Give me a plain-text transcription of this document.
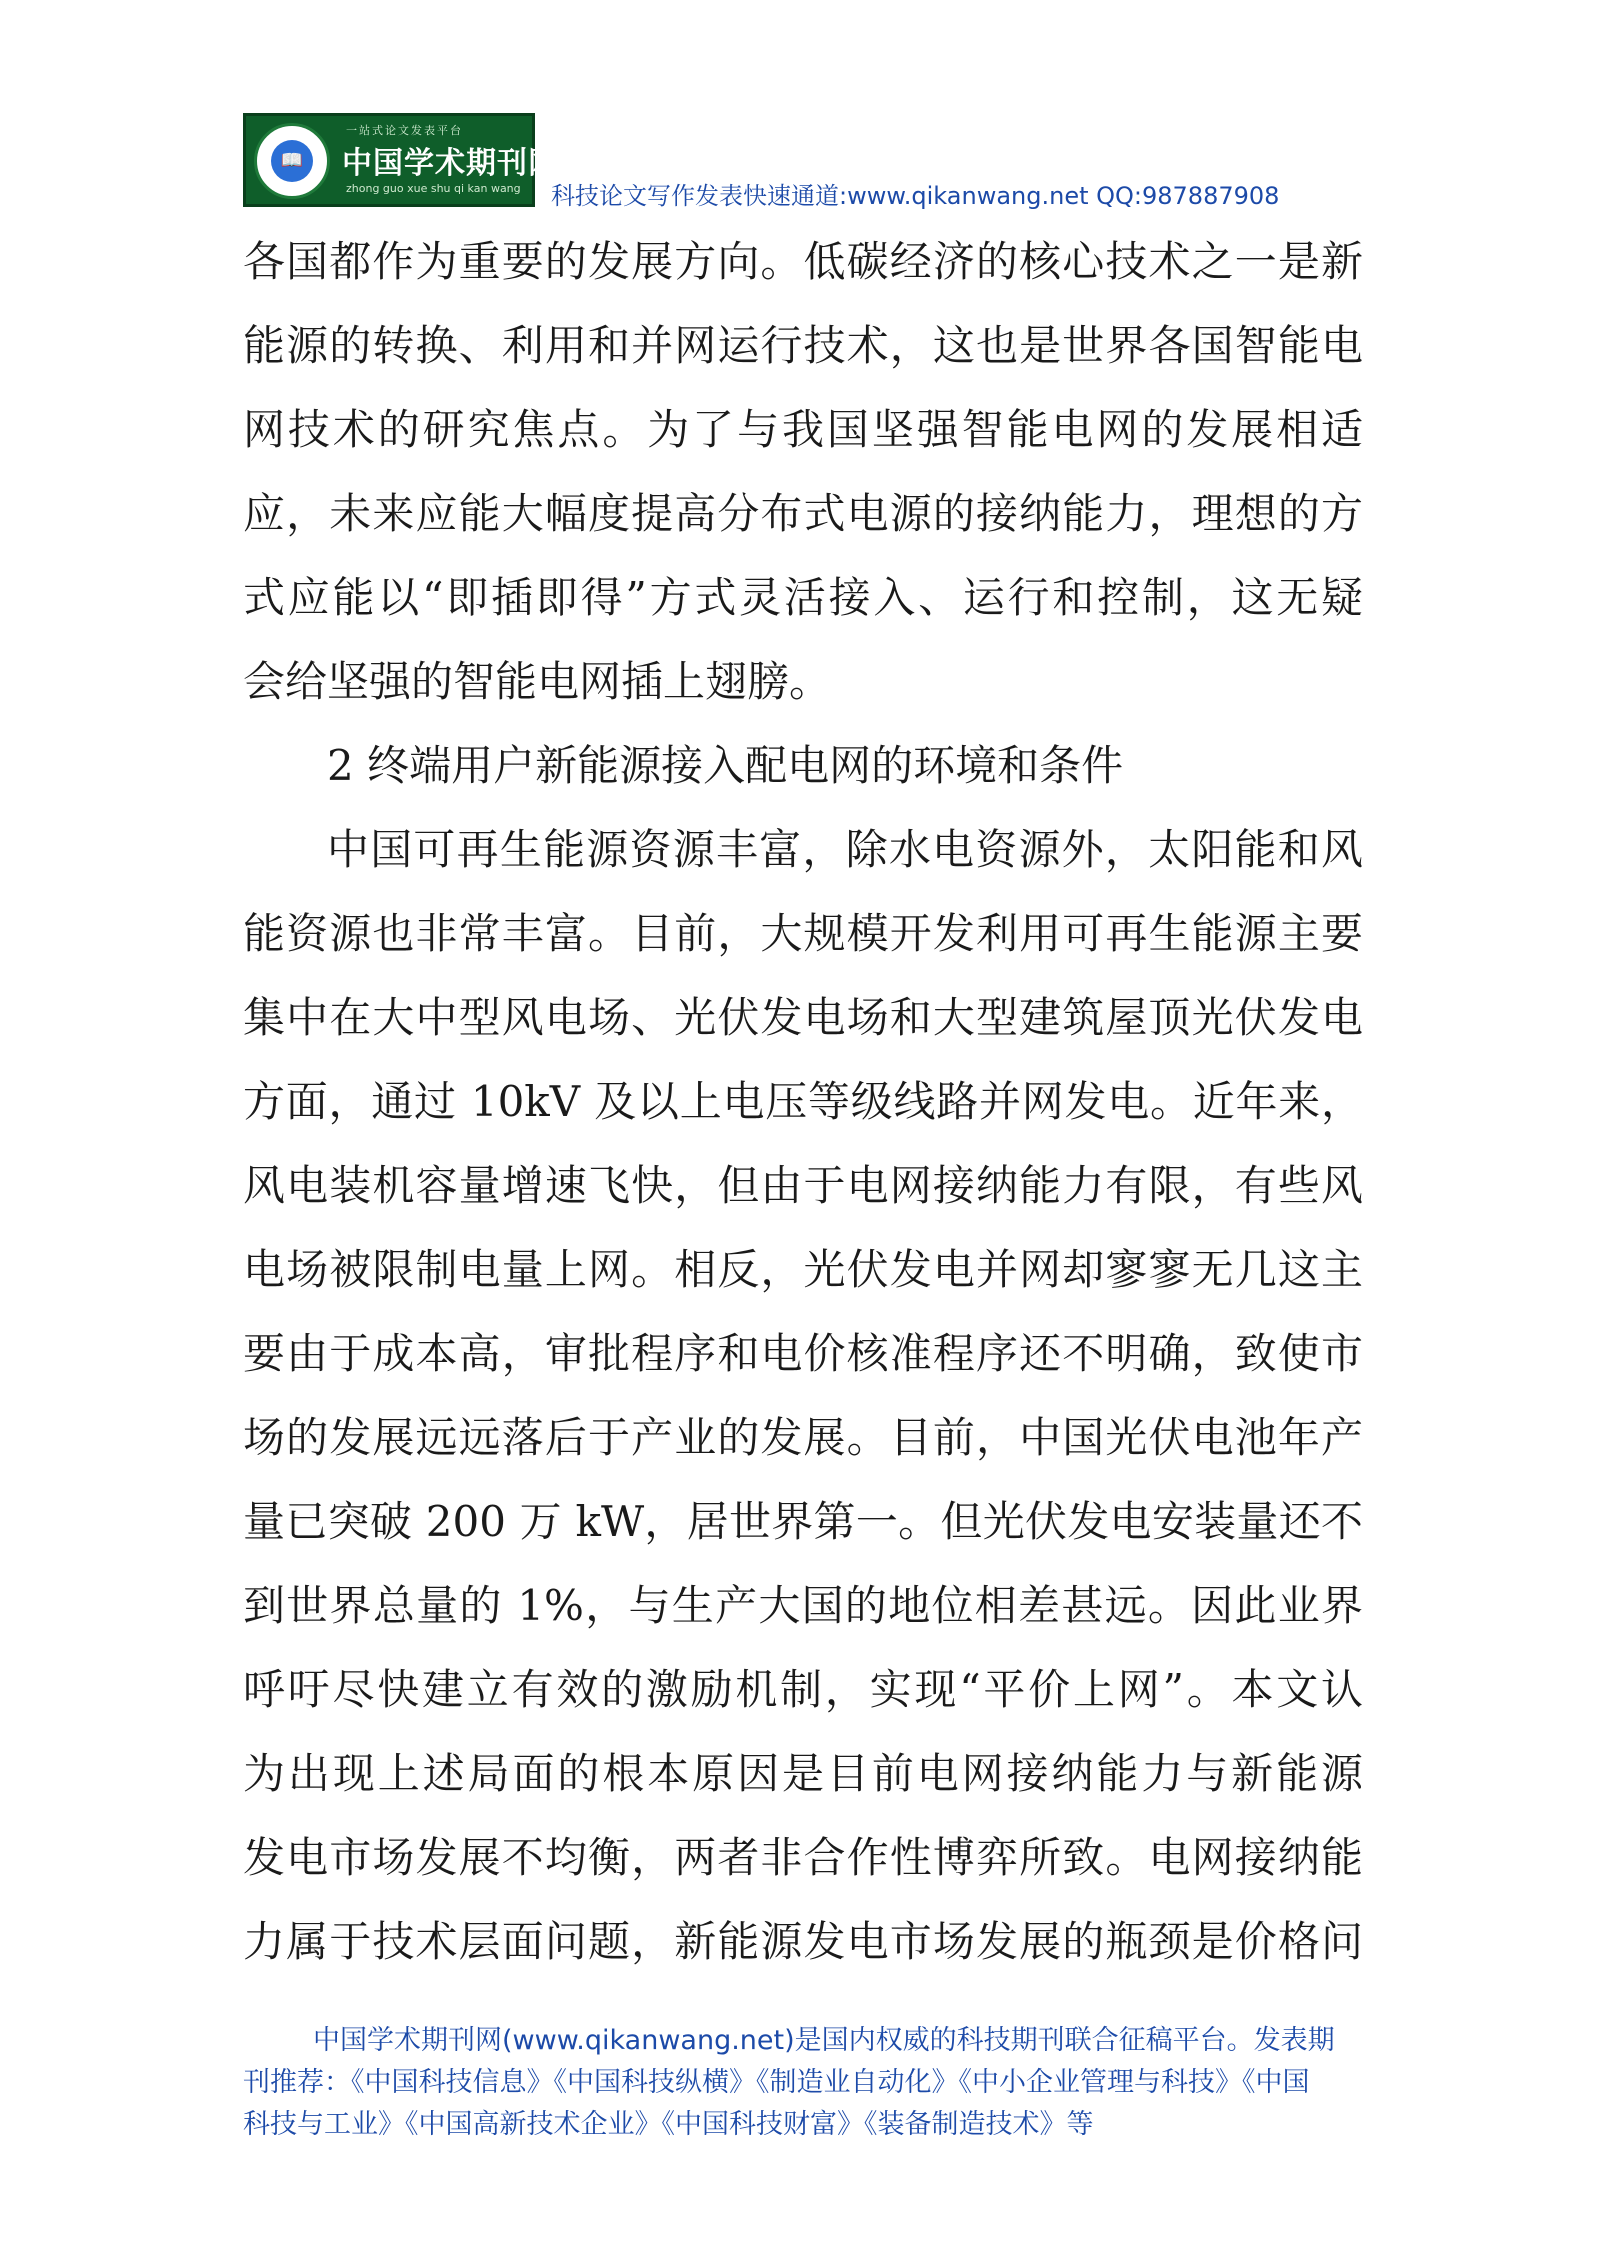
📖
一站式论文发表平台
中国学术期刊网
zhong guo xue shu qi kan wang	科技论文写作发表快速通道:www.qikanwang.net QQ:987887908
各国都作为重要的发展方向。低碳经济的核心技术之一是新
能源的转换、利用和并网运行技术，这也是世界各国智能电
网技术的研究焦点。为了与我国坚强智能电网的发展相适
应，未来应能大幅度提高分布式电源的接纳能力，理想的方
式应能以“即插即得”方式灵活接入、运行和控制，这无疑
会给坚强的智能电网插上翅膀。
2 终端用户新能源接入配电网的环境和条件
中国可再生能源资源丰富，除水电资源外，太阳能和风
能资源也非常丰富。目前，大规模开发利用可再生能源主要
集中在大中型风电场、光伏发电场和大型建筑屋顶光伏发电
方面，通过 10kV 及以上电压等级线路并网发电。近年来，
风电装机容量增速飞快，但由于电网接纳能力有限，有些风
电场被限制电量上网。相反，光伏发电并网却寥寥无几这主
要由于成本高，审批程序和电价核准程序还不明确，致使市
场的发展远远落后于产业的发展。目前，中国光伏电池年产
量已突破 200 万 kW，居世界第一。但光伏发电安装量还不
到世界总量的 1%，与生产大国的地位相差甚远。因此业界
呼吁尽快建立有效的激励机制，实现“平价上网”。本文认
为出现上述局面的根本原因是目前电网接纳能力与新能源
发电市场发展不均衡，两者非合作性博弈所致。电网接纳能
力属于技术层面问题，新能源发电市场发展的瓶颈是价格问
中国学术期刊网(www.qikanwang.net)是国内权威的科技期刊联合征稿平台。发表期
刊推荐：《中国科技信息》《中国科技纵横》《制造业自动化》《中小企业管理与科技》《中国
科技与工业》《中国高新技术企业》《中国科技财富》《装备制造技术》等
